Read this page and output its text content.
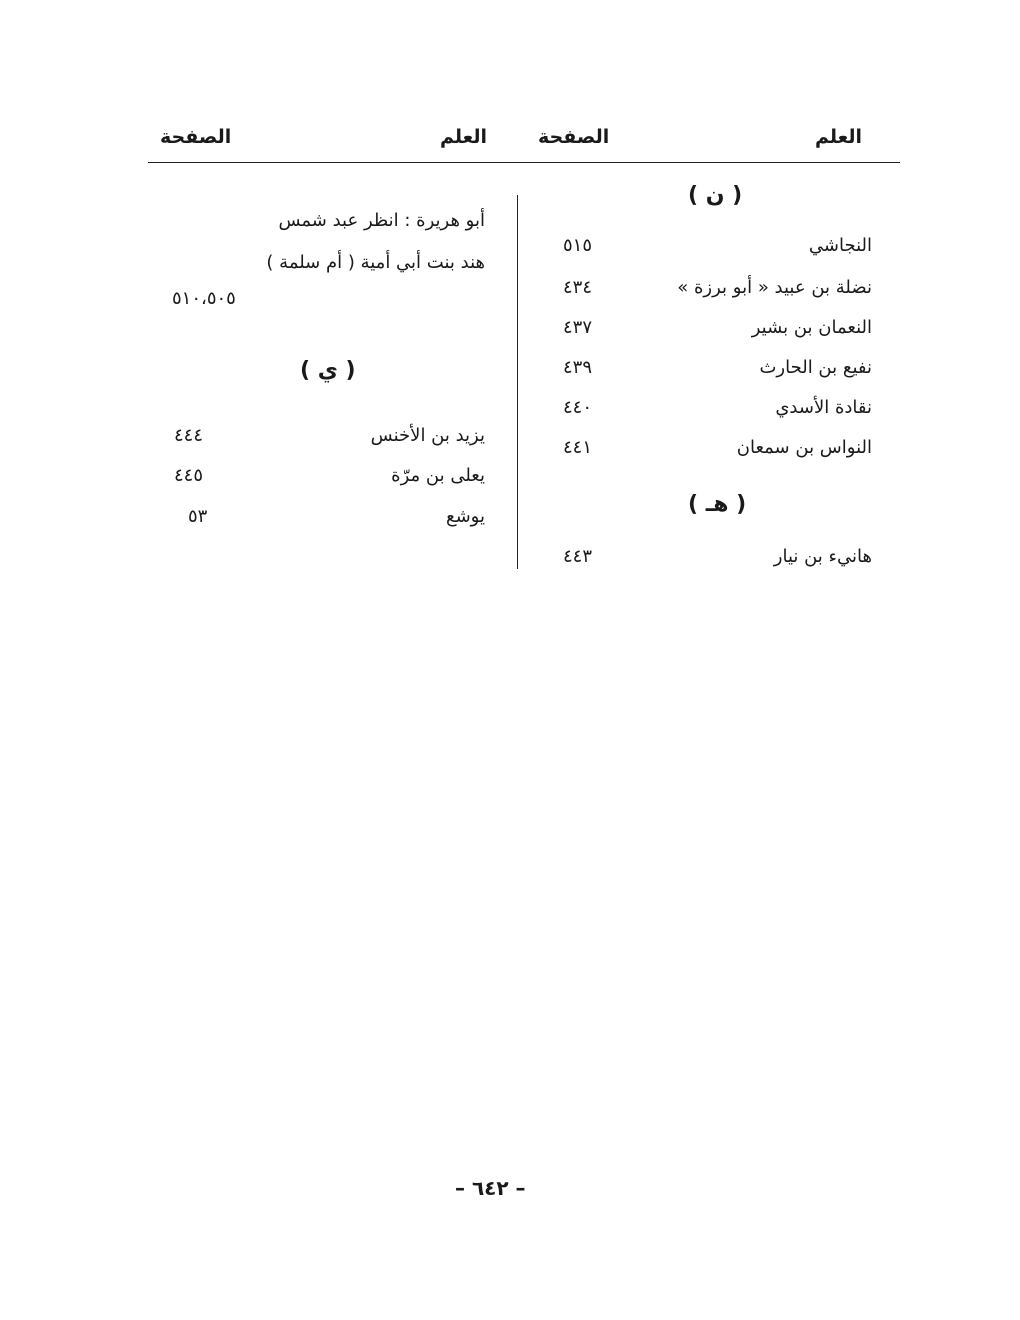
العلم
الصفحة
العلم
الصفحة
( ن )
النجاشي
٥١٥
نضلة بن عبيد « أبو برزة »
٤٣٤
النعمان بن بشير
٤٣٧
نفيع بن الحارث
٤٣٩
نقادة الأسدي
٤٤٠
النواس بن سمعان
٤٤١
( هـ )
هانيء بن نيار
٤٤٣
أبو هريرة : انظر عبد شمس
هند بنت أبي أمية ( أم سلمة )
٥١٠،٥٠٥
( ي )
يزيد بن الأخنس
٤٤٤
يعلى بن مرّة
٤٤٥
يوشع
٥٣
– ٦٤٢ –
